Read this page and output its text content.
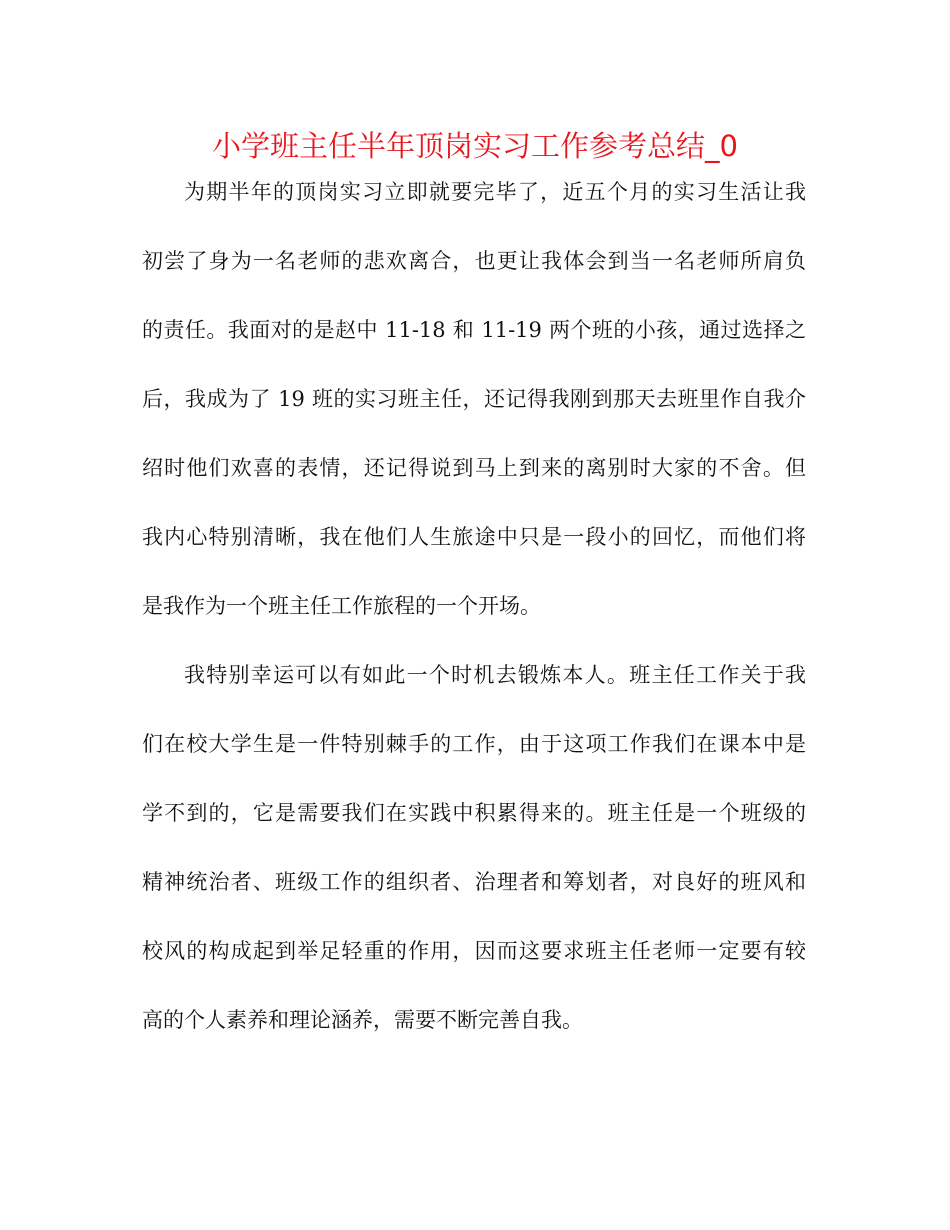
小学班主任半年顶岗实习工作参考总结_0

为期半年的顶岗实习立即就要完毕了，近五个月的实习生活让我
初尝了身为一名老师的悲欢离合，也更让我体会到当一名老师所肩负
的责任。我面对的是赵中 11-18 和 11-19 两个班的小孩，通过选择之
后，我成为了 19 班的实习班主任，还记得我刚到那天去班里作自我介
绍时他们欢喜的表情，还记得说到马上到来的离别时大家的不舍。但
我内心特别清晰，我在他们人生旅途中只是一段小的回忆，而他们将
是我作为一个班主任工作旅程的一个开场。

我特别幸运可以有如此一个时机去锻炼本人。班主任工作关于我
们在校大学生是一件特别棘手的工作，由于这项工作我们在课本中是
学不到的，它是需要我们在实践中积累得来的。班主任是一个班级的
精神统治者、班级工作的组织者、治理者和筹划者，对良好的班风和
校风的构成起到举足轻重的作用，因而这要求班主任老师一定要有较
高的个人素养和理论涵养，需要不断完善自我。
